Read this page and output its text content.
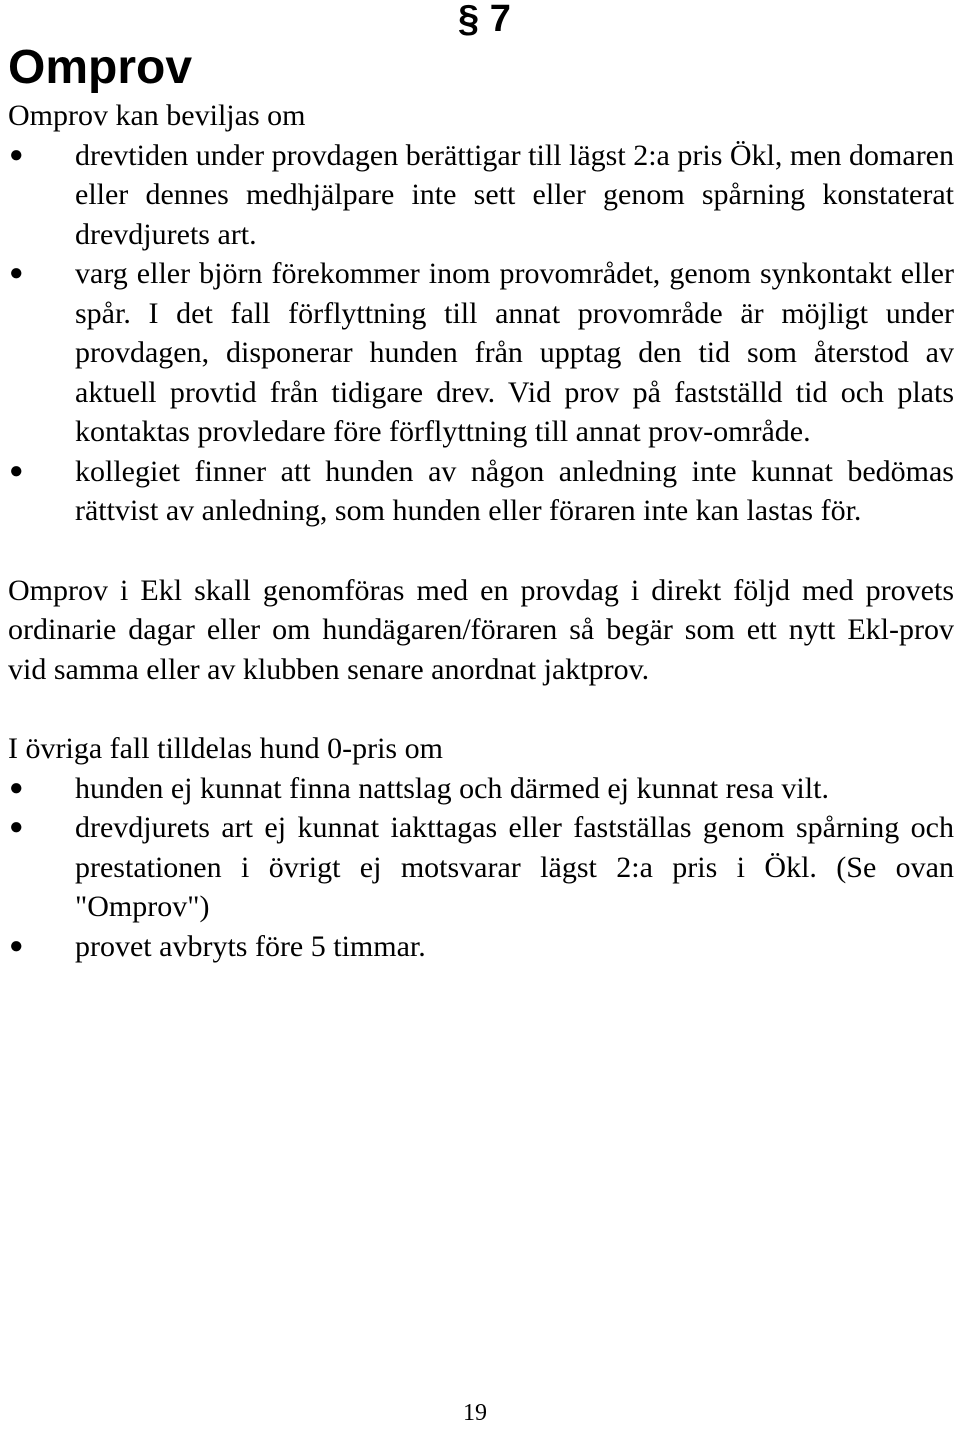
§ 7
Omprov

Omprov kan beviljas om

● drevtiden under provdagen berättigar till lägst 2:a pris Ökl, men domaren eller dennes medhjälpare inte sett eller genom spårning konstaterat drevdjurets art.
● varg eller björn förekommer inom provområdet, genom synkontakt eller spår. I det fall förflyttning till annat provområde är möjligt under provdagen, disponerar hunden från upptag den tid som återstod av aktuell provtid från tidigare drev. Vid prov på fastställd tid och plats kontaktas provledare före förflyttning till annat prov-område.
● kollegiet finner att hunden av någon anledning inte kunnat bedömas rättvist av anledning, som hunden eller föraren inte kan lastas för.

Omprov i Ekl skall genomföras med en provdag i direkt följd med provets ordinarie dagar eller om hundägaren/föraren så begär som ett nytt Ekl-prov vid samma eller av klubben senare anordnat jaktprov.

I övriga fall tilldelas hund 0-pris om

● hunden ej kunnat finna nattslag och därmed ej kunnat resa vilt.
● drevdjurets art ej kunnat iakttagas eller fastställas genom spårning och prestationen i övrigt ej motsvarar lägst 2:a pris i Ökl. (Se ovan "Omprov")
● provet avbryts före 5 timmar.
19
